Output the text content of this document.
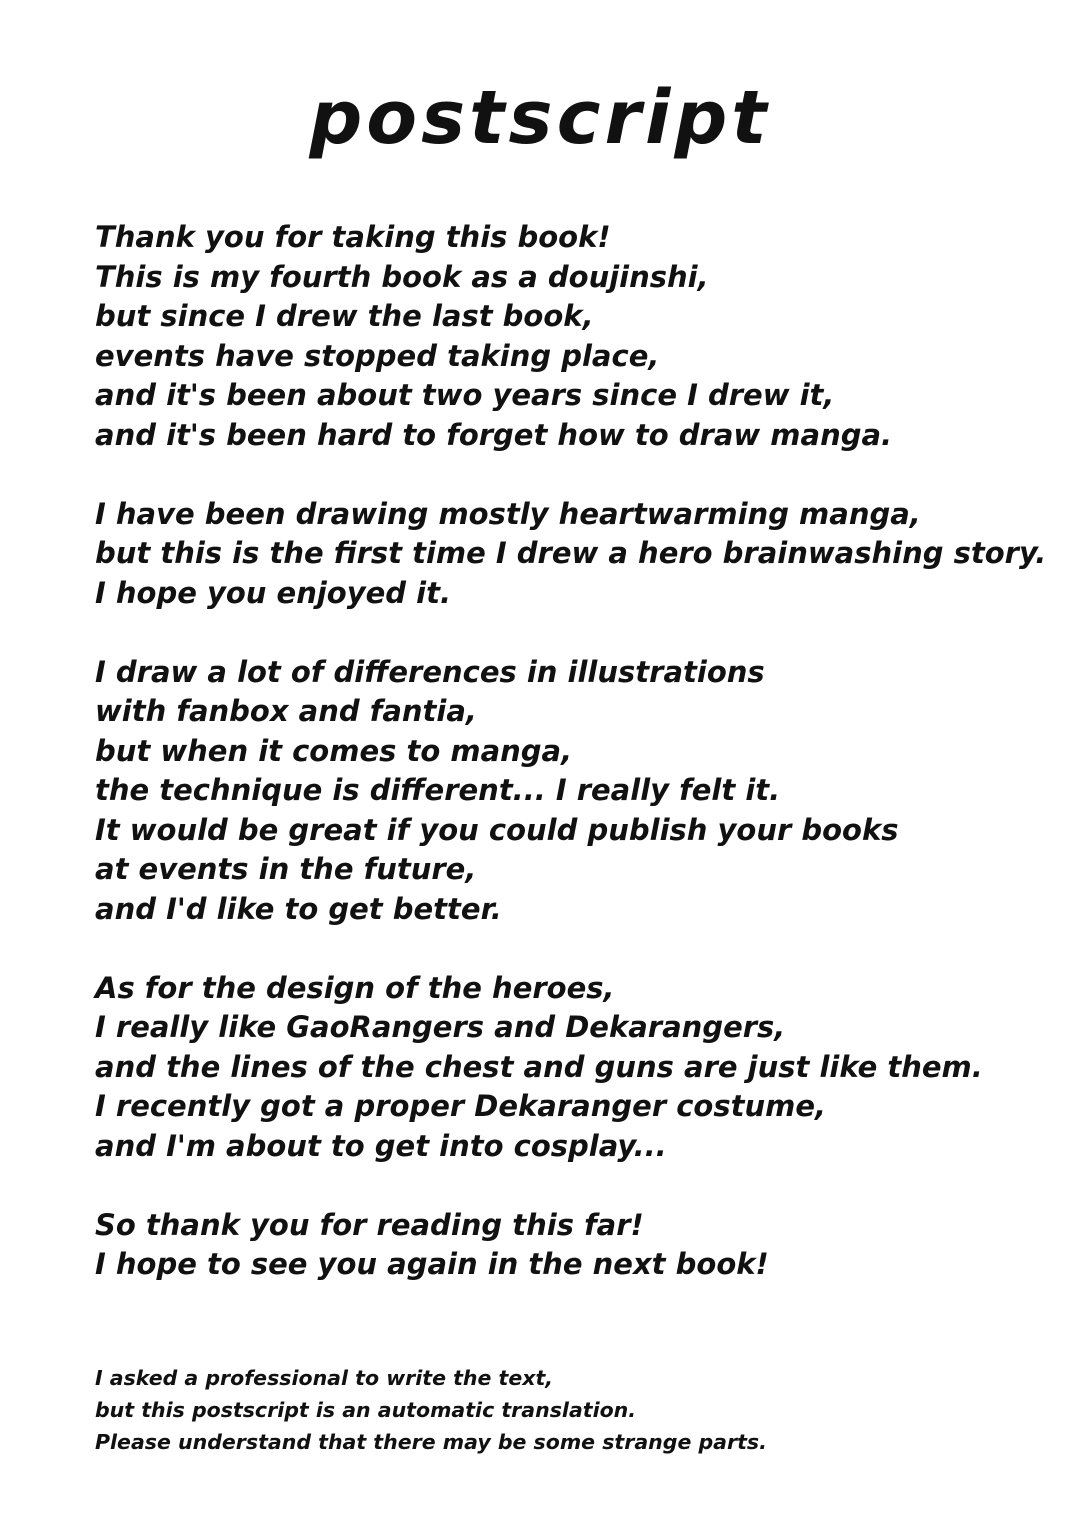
postscript

Thank you for taking this book!
This is my fourth book as a doujinshi,
but since I drew the last book,
events have stopped taking place,
and it's been about two years since I drew it,
and it's been hard to forget how to draw manga.

I have been drawing mostly heartwarming manga,
but this is the first time I drew a hero brainwashing story.
I hope you enjoyed it.

I draw a lot of differences in illustrations
with fanbox and fantia,
but when it comes to manga,
the technique is different... I really felt it.
It would be great if you could publish your books
at events in the future,
and I'd like to get better.

As for the design of the heroes,
I really like GaoRangers and Dekarangers,
and the lines of the chest and guns are just like them.
I recently got a proper Dekaranger costume,
and I'm about to get into cosplay...

So thank you for reading this far!
I hope to see you again in the next book!

I asked a professional to write the text,
but this postscript is an automatic translation.
Please understand that there may be some strange parts.
